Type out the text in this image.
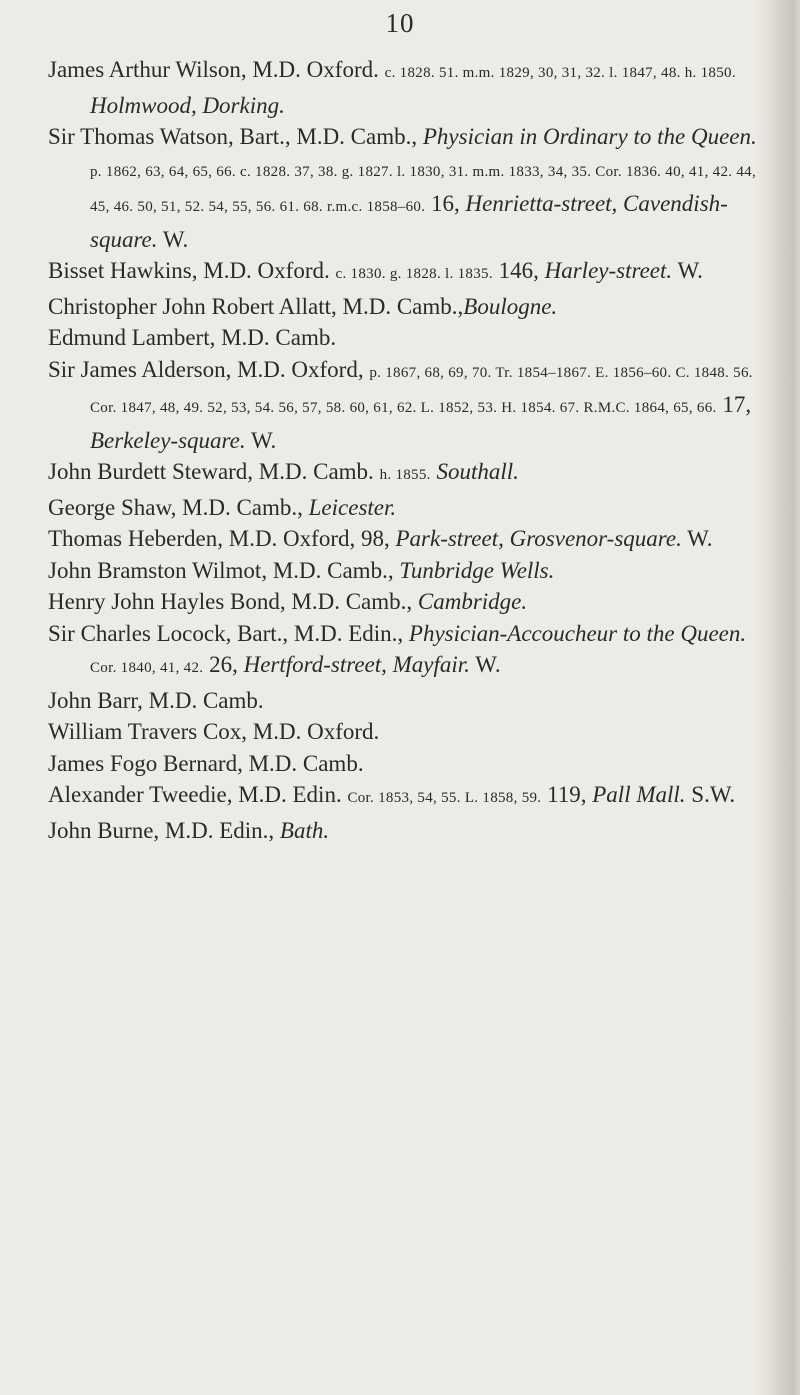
10

James Arthur Wilson, M.D. Oxford. c. 1828. 51. m.m. 1829, 30, 31, 32. l. 1847, 48. h. 1850. Holmwood, Dorking.

Sir Thomas Watson, Bart., M.D. Camb., Physician in Ordinary to the Queen. p. 1862, 63, 64, 65, 66. c. 1828. 37, 38. g. 1827. l. 1830, 31. m.m. 1833, 34, 35. Cor. 1836. 40, 41, 42. 44, 45, 46. 50, 51, 52. 54, 55, 56. 61. 68. r.m.c. 1858–60. 16, Henrietta-street, Cavendish-square. W.

Bisset Hawkins, M.D. Oxford. c. 1830. g. 1828. l. 1835. 146, Harley-street. W.

Christopher John Robert Allatt, M.D. Camb.,Boulogne.

Edmund Lambert, M.D. Camb.

Sir James Alderson, M.D. Oxford, p. 1867, 68, 69, 70. Tr. 1854–1867. E. 1856–60. C. 1848. 56. Cor. 1847, 48, 49. 52, 53, 54. 56, 57, 58. 60, 61, 62. L. 1852, 53. H. 1854. 67. R.M.C. 1864, 65, 66. 17, Berkeley-square. W.

John Burdett Steward, M.D. Camb. h. 1855. Southall.

George Shaw, M.D. Camb., Leicester.

Thomas Heberden, M.D. Oxford, 98, Park-street, Grosvenor-square. W.

John Bramston Wilmot, M.D. Camb., Tunbridge Wells.

Henry John Hayles Bond, M.D. Camb., Cambridge.

Sir Charles Locock, Bart., M.D. Edin., Physician-Accoucheur to the Queen. Cor. 1840, 41, 42. 26, Hertford-street, Mayfair. W.

John Barr, M.D. Camb.

William Travers Cox, M.D. Oxford.

James Fogo Bernard, M.D. Camb.

Alexander Tweedie, M.D. Edin. Cor. 1853, 54, 55. L. 1858, 59. 119, Pall Mall. S.W.

John Burne, M.D. Edin., Bath.
